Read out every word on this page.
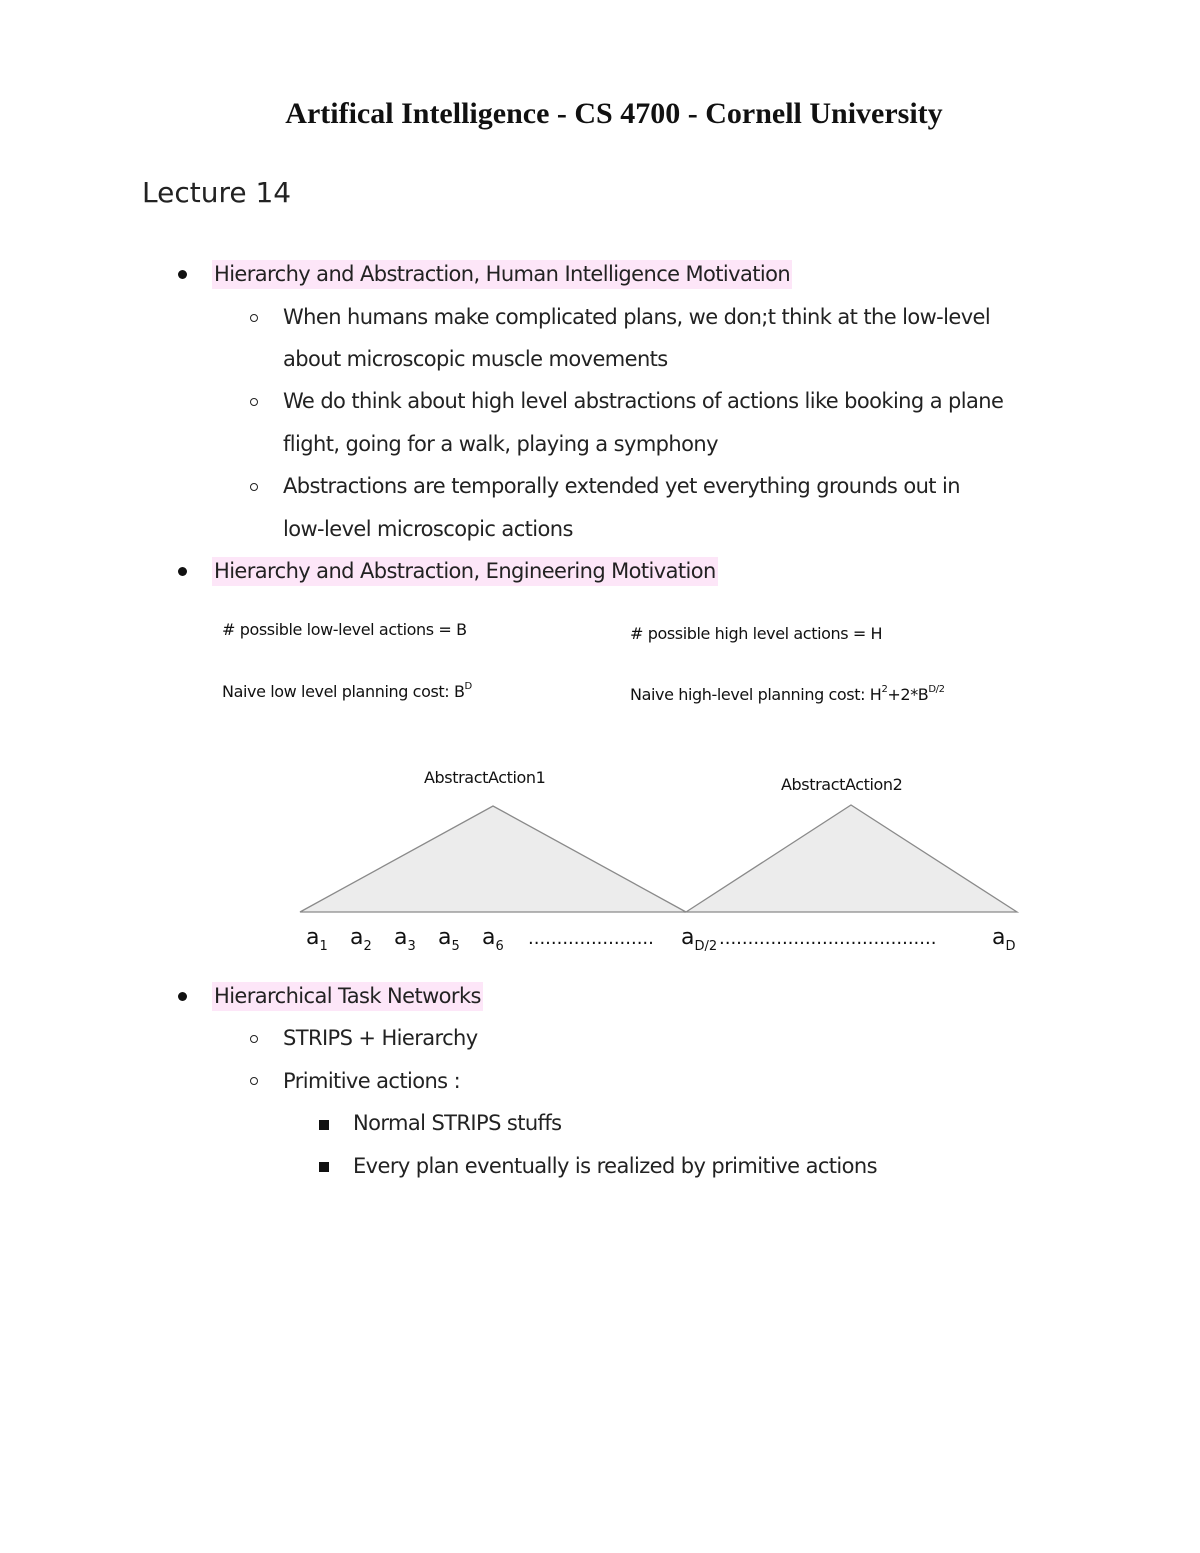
Artifical Intelligence - CS 4700 - Cornell University
Lecture 14
Hierarchy and Abstraction, Human Intelligence Motivation
When humans make complicated plans, we don;t think at the low-level
about microscopic muscle movements
We do think about high level abstractions of actions like booking a plane
flight, going for a walk, playing a symphony
Abstractions are temporally extended yet everything grounds out in
low-level microscopic actions
Hierarchy and Abstraction, Engineering Motivation
# possible low-level actions = B	# possible high level actions = H
Naive low level planning cost: $B^D$	Naive high-level planning cost: $H^2+2*B^{D/2}$
AbstractAction1	AbstractAction2
$a_1$ $a_2$ $a_3$ $a_5$ $a_6$ ...................... $a_{D/2}$ ......................................	$a_D$
Hierarchical Task Networks
STRIPS + Hierarchy
Primitive actions :
Normal STRIPS stuffs
Every plan eventually is realized by primitive actions
